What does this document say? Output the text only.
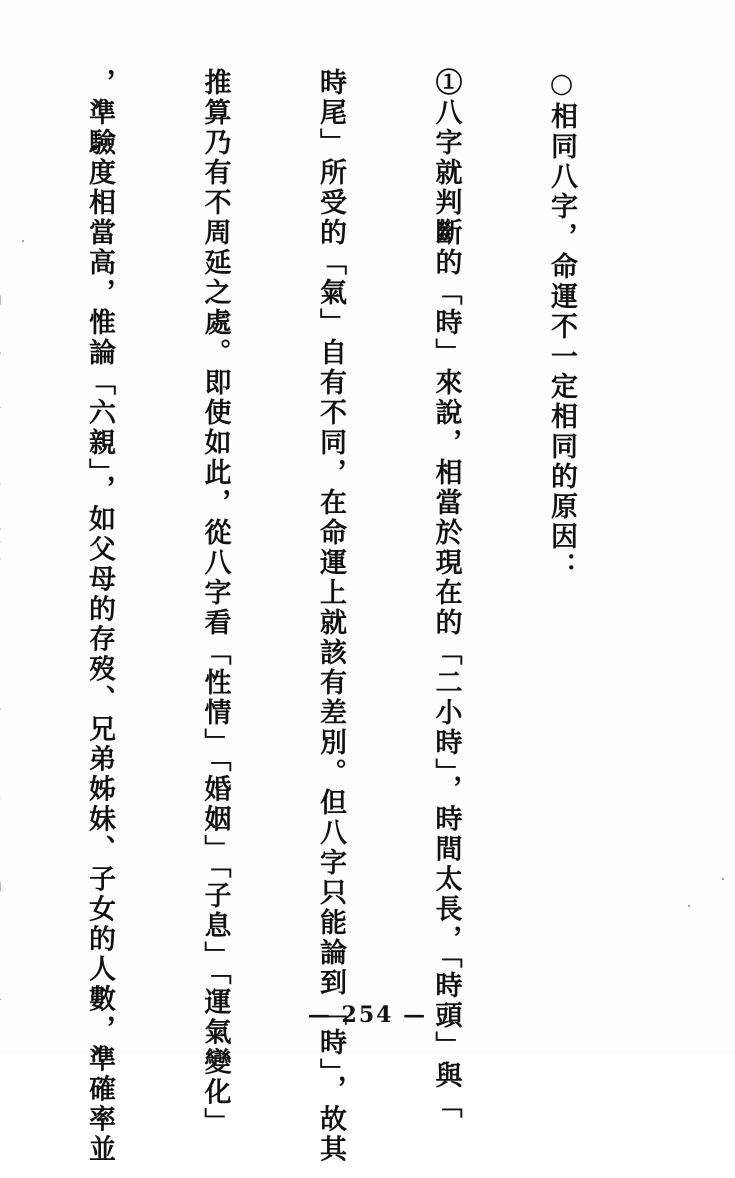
○相同八字，命運不一定相同的原因：

①八字就判斷的「時」來說，相當於現在的「二小時」，時間太長，「時頭」與「

時尾」所受的「氣」自有不同，在命運上就該有差別。但八字只能論到「時」，故其

推算乃有不周延之處。即使如此，從八字看「性情」「婚姻」「子息」「運氣變化」

，準驗度相當高，惟論「六親」，如父母的存歿、兄弟姊妹、子女的人數，準確率並

	— 254 —
